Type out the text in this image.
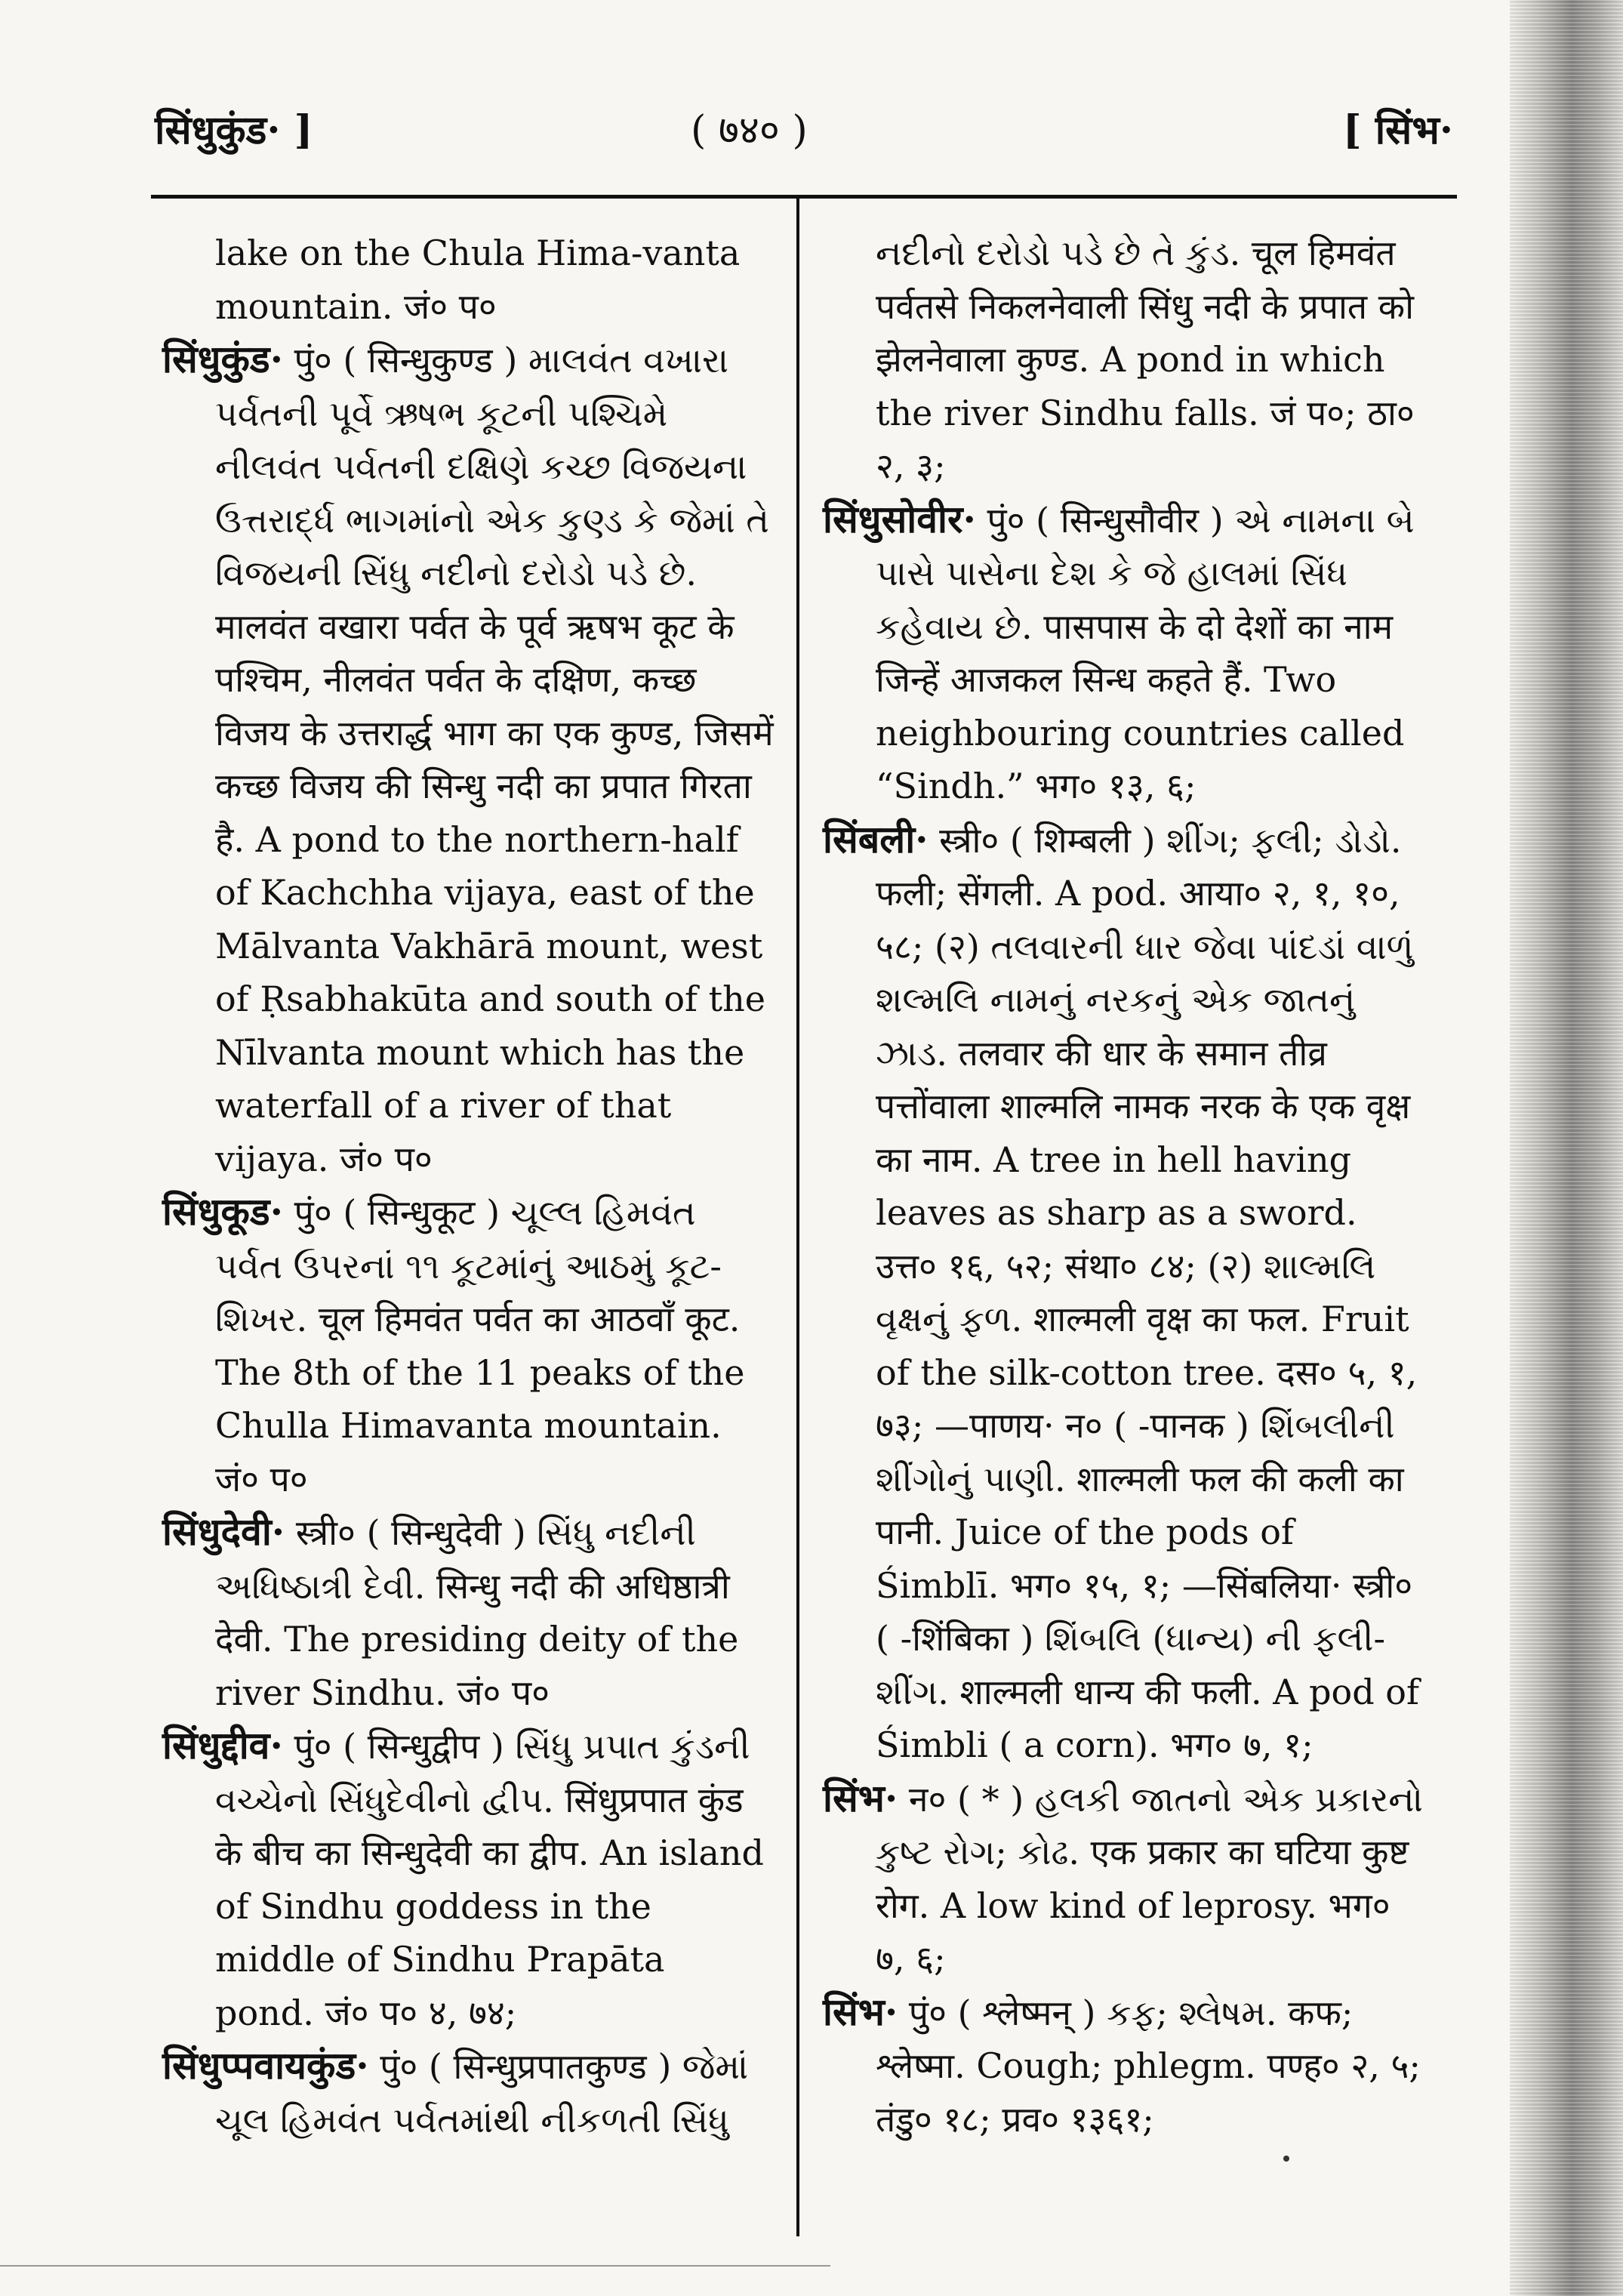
सिंधुकुंड· ]	( ७४० )	[ सिंभ·

lake on the Chula Hima-vanta mountain. जं० प०

सिंधुकुंड· पुं० ( सिन्धुकुण्ड ) માલવંત વખારા પર્વતની પૂર્વે ઋષભ કૂટની પશ્ચિમે નીલવંત પર્વતની દક્ષિણે કચ્છ વિજયના ઉત્તરાર્દ્ધ ભાગમાંનો એક કુણ્ડ કે જેમાં તે વિજયની સિંધુ નદીનો દરોડો પડે છે. मालवंत वखारा पर्वत के पूर्व ऋषभ कूट के पश्चिम, नीलवंत पर्वत के दक्षिण, कच्छ विजय के उत्तरार्द्ध भाग का एक कुण्ड, जिसमें कच्छ विजय की सिन्धु नदी का प्रपात गिरता है. A pond to the northern-half of Kachchha vijaya, east of the Mālvanta Vakhārā mount, west of Ṛsabhakūta and south of the Nīlvanta mount which has the waterfall of a river of that vijaya. जं० प०

सिंधुकूड· पुं० ( सिन्धुकूट ) ચૂલ્લ હિમવંત પર્વત ઉપરનાં ૧૧ કૂટમાંનું આઠમું કૂટ-શિખર. चूल हिमवंत पर्वत का आठवाँ कूट. The 8th of the 11 peaks of the Chulla Himavanta mountain. जं० प०

सिंधुदेवी· स्त्री० ( सिन्धुदेवी ) સિંધુ નદીની અધિષ્ઠાત્રી દેવી. सिन्धु नदी की अधिष्ठात्री देवी. The presiding deity of the river Sindhu. जं० प०

सिंधुद्दीव· पुं० ( सिन्धुद्वीप ) સિંધુ પ્રપાત કુંડની વચ્ચેનો સિંધુદેવીનો દ્વીપ. सिंधुप्रपात कुंड के बीच का सिन्धुदेवी का द्वीप. An island of Sindhu goddess in the middle of Sindhu Prapāta pond. जं० प० ४, ७४;

सिंधुप्पवायकुंड· पुं० ( सिन्धुप्रपातकुण्ड ) જેમાં ચૂલ હિમવંત પર્વતમાંથી નીકળતી સિંધુ

નદીનો દરોડો પડે છે તે કુંડ. चूल हिमवंत पर्वतसे निकलनेवाली सिंधु नदी के प्रपात को झेलनेवाला कुण्ड. A pond in which the river Sindhu falls. जं प०; ठा० २, ३;

सिंधुसोवीर· पुं० ( सिन्धुसौवीर ) એ નામના બે પાસે પાસેના દેશ કે જે હાલમાં સિંધ કહેવાય છે. पासपास के दो देशों का नाम जिन्हें आजकल सिन्ध कहते हैं. Two neighbouring countries called “Sindh.” भग० १३, ६;

सिंबली· स्त्री० ( शिम्बली ) શીંગ; ફલી; ડોડો. फली; सेंगली. A pod. आया० २, १, १०, ५८; (२) તલવારની ધાર જેવા પાંદડાં વાળું શલ્મલિ નામનું નરકનું એક જાતનું ઝાડ. तलवार की धार के समान तीव्र पत्तोंवाला शाल्मलि नामक नरक के एक वृक्ष का नाम. A tree in hell having leaves as sharp as a sword. उत्त० १६, ५२; संथा० ८४; (२) શાલ્મલિ વૃક્ષનું ફળ. शाल्मली वृक्ष का फल. Fruit of the silk-cotton tree. दस० ५, १, ७३; —पाणय· न० ( -पानक ) શિંબલીની શીંગોનું પાણી. शाल्मली फल की कली का पानी. Juice of the pods of Śimblī. भग० १५, १; —सिंबलिया· स्त्री० ( -शिंबिका ) શિંબલિ (ધાન્ય) ની ફલી-શીંગ. शाल्मली धान्य की फली. A pod of Śimbli ( a corn). भग० ७, १;

सिंभ· न० ( * ) હલકી જાતનો એક પ્રકારનો કુષ્ટ રોગ; કોઢ. एक प्रकार का घटिया कुष्ट रोग. A low kind of leprosy. भग० ७, ६;

सिंभ· पुं० ( श्लेष्मन् ) કફ; શ્લેષમ. कफ; श्लेष्मा. Cough; phlegm. पण्ह० २, ५; तंडु० १८; प्रव० १३६१;
